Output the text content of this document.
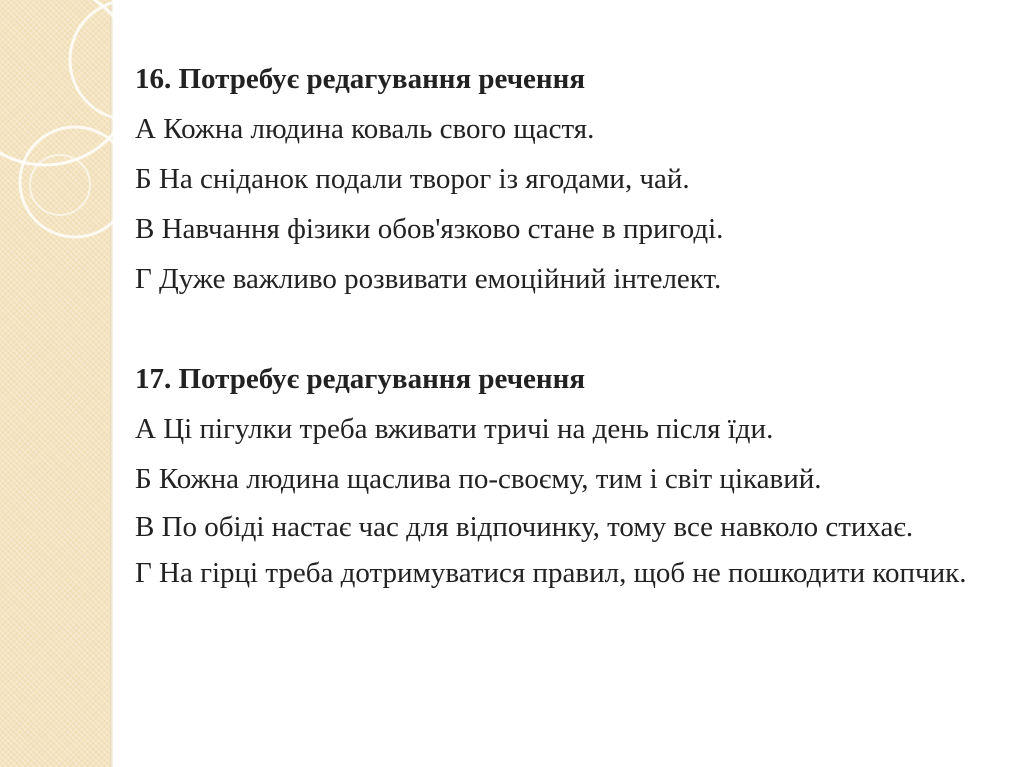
16. Потребує редагування речення

А Кожна людина коваль свого щастя.

Б На сніданок подали творог із ягодами, чай.

В Навчання фізики обов'язково стане в пригоді.

Г Дуже важливо розвивати емоційний інтелект.

17. Потребує редагування речення

А Ці пігулки треба вживати тричі на день після їди.

Б Кожна людина щаслива по-своєму, тим і світ цікавий.

В По обіді настає час для відпочинку, тому все навколо стихає.

Г На гірці треба дотримуватися правил, щоб не пошкодити копчик.
